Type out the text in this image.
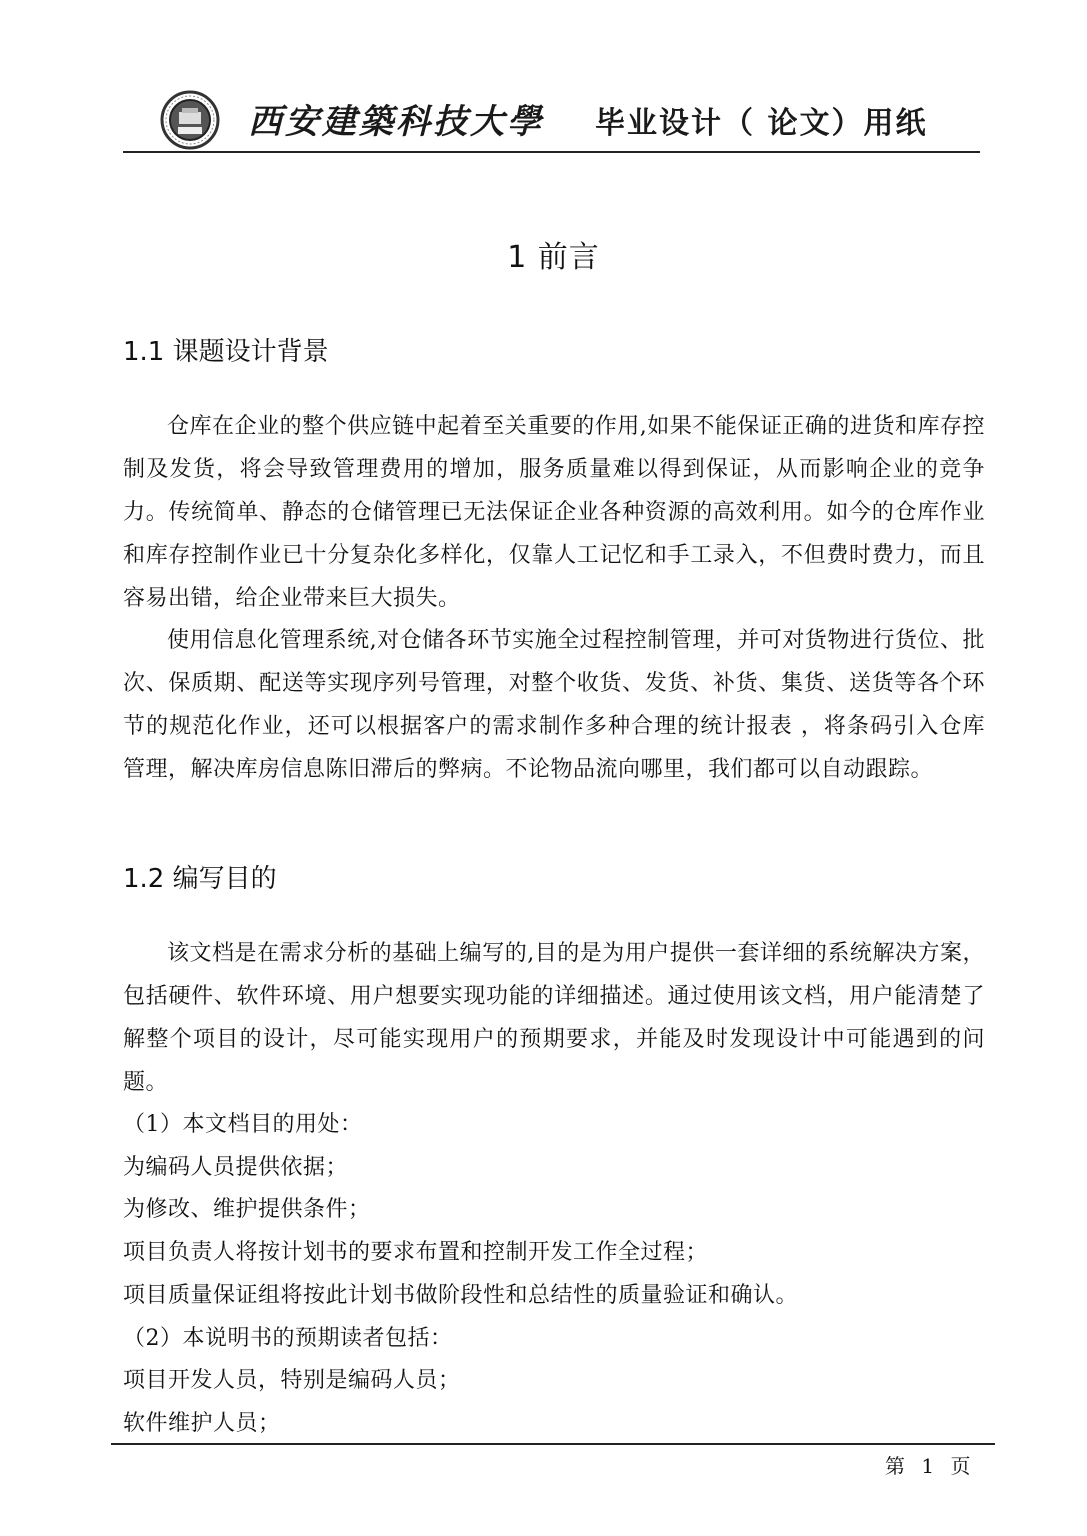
西安建築科技大學 毕业设计（ 论文）用纸
1 前言
1.1 课题设计背景

仓库在企业的整个供应链中起着至关重要的作用,如果不能保证正确的进货和库存控制及发货，将会导致管理费用的增加，服务质量难以得到保证，从而影响企业的竞争力。传统简单、静态的仓储管理已无法保证企业各种资源的高效利用。如今的仓库作业和库存控制作业已十分复杂化多样化，仅靠人工记忆和手工录入，不但费时费力，而且容易出错，给企业带来巨大损失。

使用信息化管理系统,对仓储各环节实施全过程控制管理，并可对货物进行货位、批次、保质期、配送等实现序列号管理，对整个收货、发货、补货、集货、送货等各个环节的规范化作业，还可以根据客户的需求制作多种合理的统计报表 ，将条码引入仓库管理，解决库房信息陈旧滞后的弊病。不论物品流向哪里，我们都可以自动跟踪。

1.2 编写目的

该文档是在需求分析的基础上编写的,目的是为用户提供一套详细的系统解决方案，包括硬件、软件环境、用户想要实现功能的详细描述。通过使用该文档，用户能清楚了解整个项目的设计，尽可能实现用户的预期要求，并能及时发现设计中可能遇到的问题。

（1）本文档目的用处：
为编码人员提供依据；
为修改、维护提供条件；
项目负责人将按计划书的要求布置和控制开发工作全过程；
项目质量保证组将按此计划书做阶段性和总结性的质量验证和确认。
（2）本说明书的预期读者包括：
项目开发人员，特别是编码人员；
软件维护人员；
第 1 页
